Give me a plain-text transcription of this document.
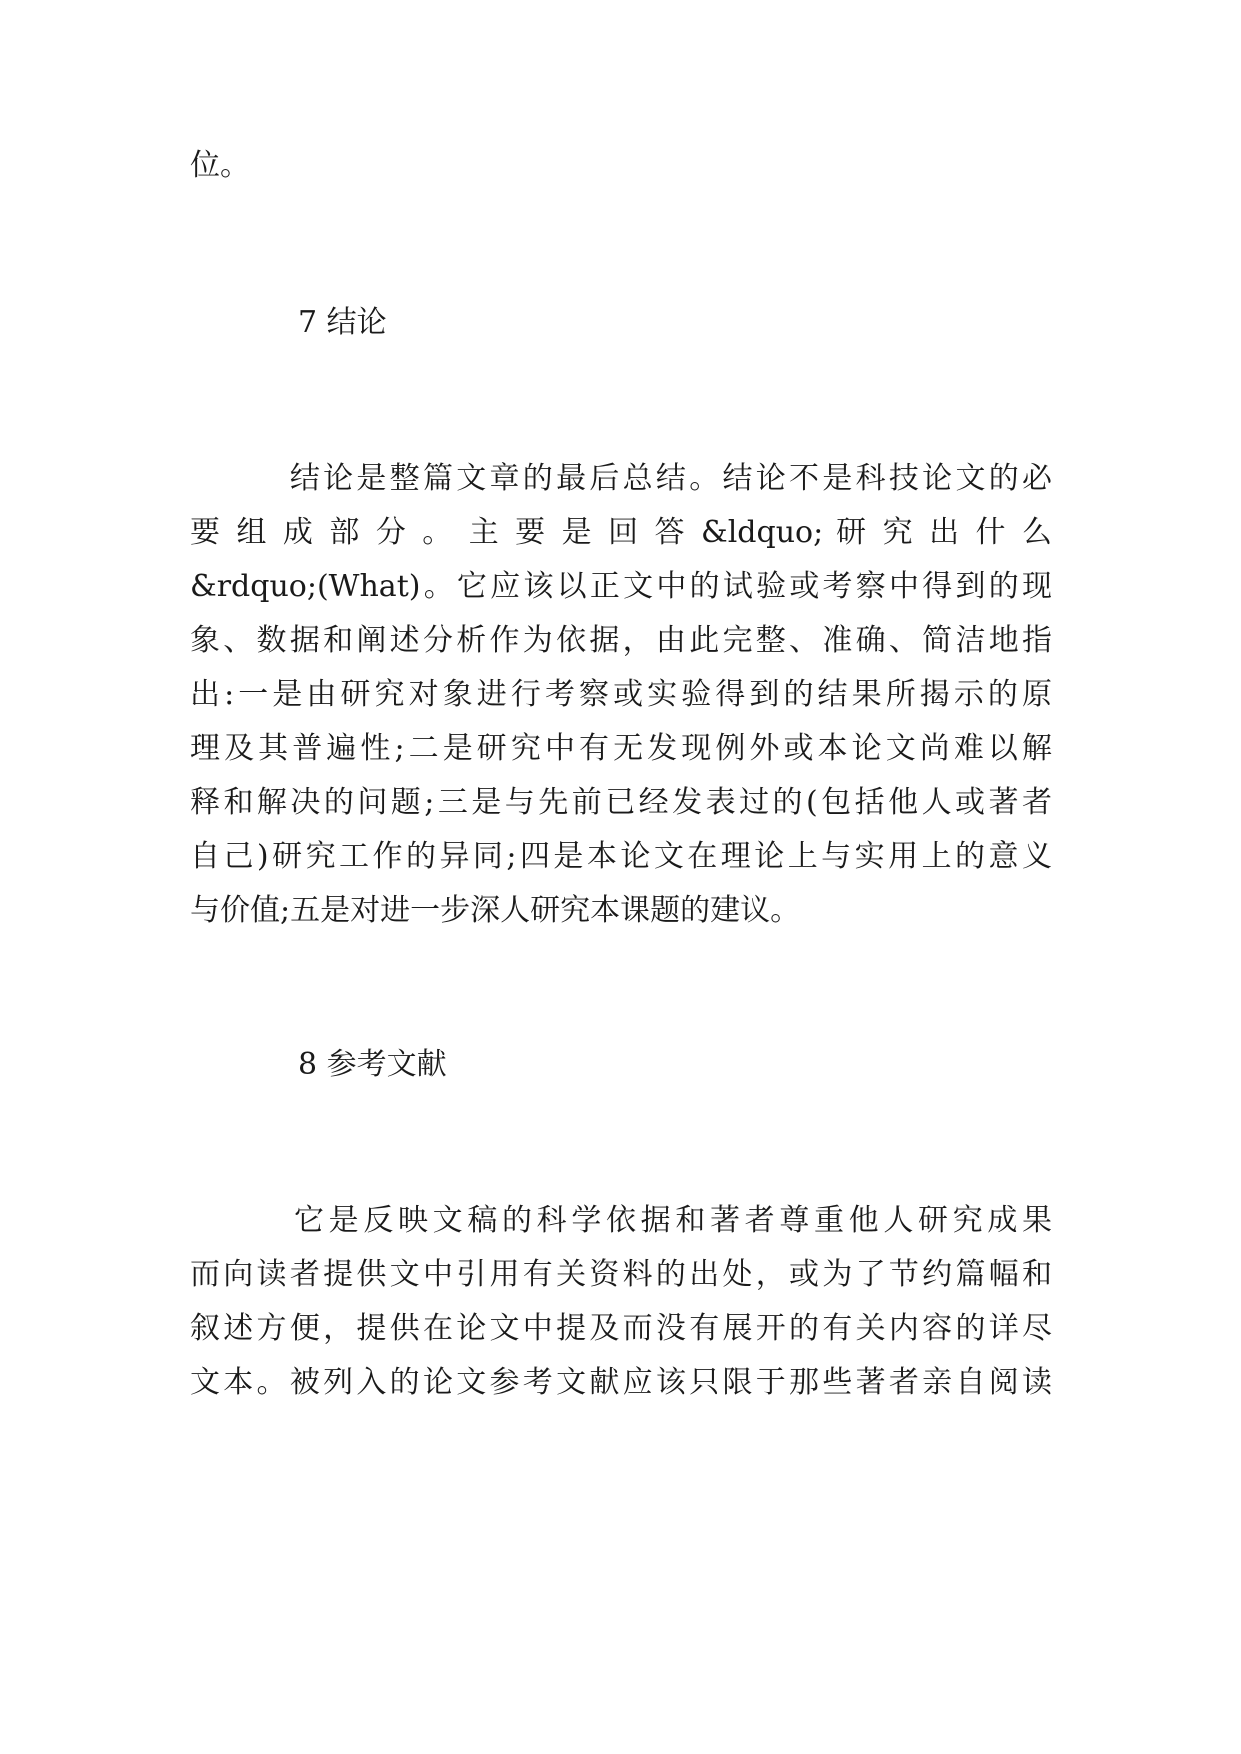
位。
7 结论
　　　结论是整篇文章的最后总结。结论不是科技论文的必
要 组 成 部 分 。 主 要 是 回 答 &ldquo; 研 究 出 什 么
&rdquo;(What)。它应该以正文中的试验或考察中得到的现
象、数据和阐述分析作为依据，由此完整、准确、简洁地指
出:一是由研究对象进行考察或实验得到的结果所揭示的原
理及其普遍性;二是研究中有无发现例外或本论文尚难以解
释和解决的问题;三是与先前已经发表过的(包括他人或著者
自己)研究工作的异同;四是本论文在理论上与实用上的意义
与价值;五是对进一步深人研究本课题的建议。
8 参考文献
　　　它是反映文稿的科学依据和著者尊重他人研究成果
而向读者提供文中引用有关资料的出处，或为了节约篇幅和
叙述方便，提供在论文中提及而没有展开的有关内容的详尽
文本。被列入的论文参考文献应该只限于那些著者亲自阅读
